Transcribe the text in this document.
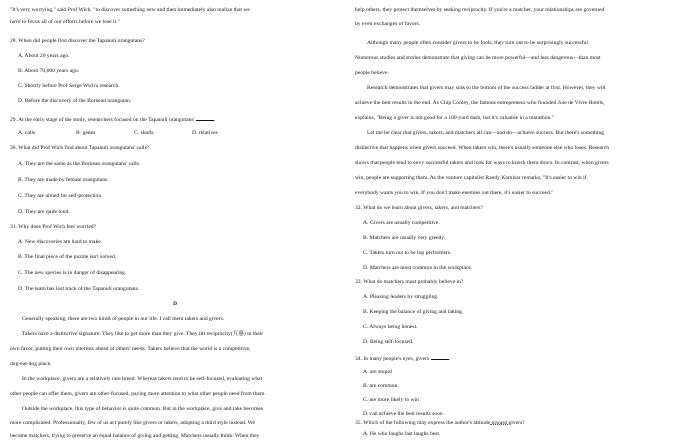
"It's very worrying," said Prof Wich, "to discover something new and then immediately also realize that we
have to focus all of our efforts before we lose it."
28. When did people first discover the Tapanuli orangutans?
A. About 20 years ago.
B. About 70,000 years ago.
C. Shortly before Prof Serge Wich's research.
D. Before the discovery of the Bornean orangutan.
29. At the early stage of the study, researchers focused on the Tapanuli orangutans'	.
A. calls	B. genes	C. skulls	D. relatives
30. What did Prof Wich find about Tapanuli orangutans' calls?
A. They are the same as the Bornean orangutans' calls.
B. They are made by female orangutans.
C. They are aimed for self-protection.
D. They are quite loud.
31. Why does Prof Wich feel worried?
A. New discoveries are hard to make.
B. The final piece of the puzzle isn't solved.
C. The new species is in danger of disappearing.
D. The team has lost track of the Tapanuli orangutans.
D
Generally speaking, there are two kinds of people in our life. I call them takers and givers.
Takers have a distinctive signature: They like to get more than they give. They tilt reciprocity(互惠) in their
own favor, putting their own interests ahead of others' needs. Takers believe that the world is a competitive,
dog-eat-dog place.
In the workplace, givers are a relatively rare breed. Whereas takers tend to be self-focused, evaluating what
other people can offer them, givers are other-focused, paying more attention to what other people need from them.
Outside the workplace, this type of behavior is quite common. But in the workplace, give and take becomes
more complicated. Professionally, few of us act purely like givers or takers, adopting a third style instead. We
become matchers, trying to preserve an equal balance of giving and getting. Matchers usually think: When they
help others, they protect themselves by seeking reciprocity. If you're a matcher, your relationships are governed
by even exchanges of favors.
Although many people often consider givers to be fools, they turn out to be surprisingly successful.
Numerous studies and stories demonstrate that giving can be more powerful—and less dangerous—than most
people believe.
Research demonstrates that givers may sink to the bottom of the success ladder at first. However, they will
achieve the best results in the end. As Chip Conley, the famous entrepreneur who founded Joie de Vivre Hotels,
explains, "Being a giver is not good for a 100-yard dash, but it's valuable in a marathon."
Let me be clear that givers, takers, and matchers all can—and do—achieve success. But there's something
distinctive that happens when givers succeed. When takers win, there's usually someone else who loses. Research
shows that people tend to envy successful takers and look for ways to knock them down. In contrast, when givers
win, people are supporting them. As the venture capitalist Randy Komisar remarks, "It's easier to win if
everybody wants you to win. If you don't make enemies out there, it's easier to succeed."
32. What do we learn about givers, takers, and matchers?
A. Givers are usually competitive.
B. Matchers are usually very greedy.
C. Takers turn out to be top performers.
D. Matchers are most common in the workplace.
33. What do matchers most probably believe in?
A. Pleasing leaders by struggling.
B. Keeping the balance of giving and taking.
C. Always being honest.
D. Being self-focused.
34. In many people's eyes, givers	.
A. are stupid
B. are common
C. are more likely to win
D. can achieve the best results soon
35. Which of the following may express the author's attitude toward givers?
A. He who laughs last laughs best.
